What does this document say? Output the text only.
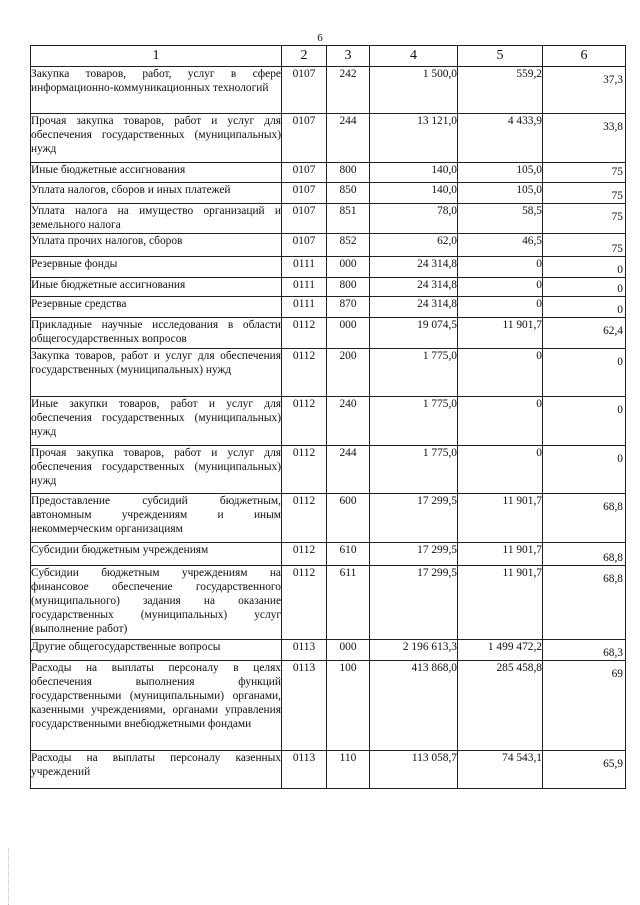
6
1	2	3	4	5	6
Закупка товаров, работ, услуг в сфере информационно-коммуникационных технологий	0107	242	1 500,0	559,2	37,3
Прочая закупка товаров, работ и услуг для обеспечения государственных (муниципальных) нужд	0107	244	13 121,0	4 433,9	33,8
Иные бюджетные ассигнования	0107	800	140,0	105,0	75
Уплата налогов, сборов и иных платежей	0107	850	140,0	105,0	75
Уплата налога на имущество организаций и земельного налога	0107	851	78,0	58,5	75
Уплата прочих налогов, сборов	0107	852	62,0	46,5	75
Резервные фонды	0111	000	24 314,8	0	0
Иные бюджетные ассигнования	0111	800	24 314,8	0	0
Резервные средства	0111	870	24 314,8	0	0
Прикладные научные исследования в области общегосударственных вопросов	0112	000	19 074,5	11 901,7	62,4
Закупка товаров, работ и услуг для обеспечения государственных (муниципальных) нужд	0112	200	1 775,0	0	0
Иные закупки товаров, работ и услуг для обеспечения государственных (муниципальных) нужд	0112	240	1 775,0	0	0
Прочая закупка товаров, работ и услуг для обеспечения государственных (муниципальных) нужд	0112	244	1 775,0	0	0
Предоставление субсидий бюджетным, автономным учреждениям и иным некоммерческим организациям	0112	600	17 299,5	11 901,7	68,8
Субсидии бюджетным учреждениям	0112	610	17 299,5	11 901,7	68,8
Субсидии бюджетным учреждениям на финансовое обеспечение государственного (муниципального) задания на оказание государственных (муниципальных) услуг (выполнение работ)	0112	611	17 299,5	11 901,7	68,8
Другие общегосударственные вопросы	0113	000	2 196 613,3	1 499 472,2	68,3
Расходы на выплаты персоналу в целях обеспечения выполнения функций государственными (муниципальными) органами, казенными учреждениями, органами управления государственными внебюджетными фондами	0113	100	413 868,0	285 458,8	69
Расходы на выплаты персоналу казенных учреждений	0113	110	113 058,7	74 543,1	65,9
